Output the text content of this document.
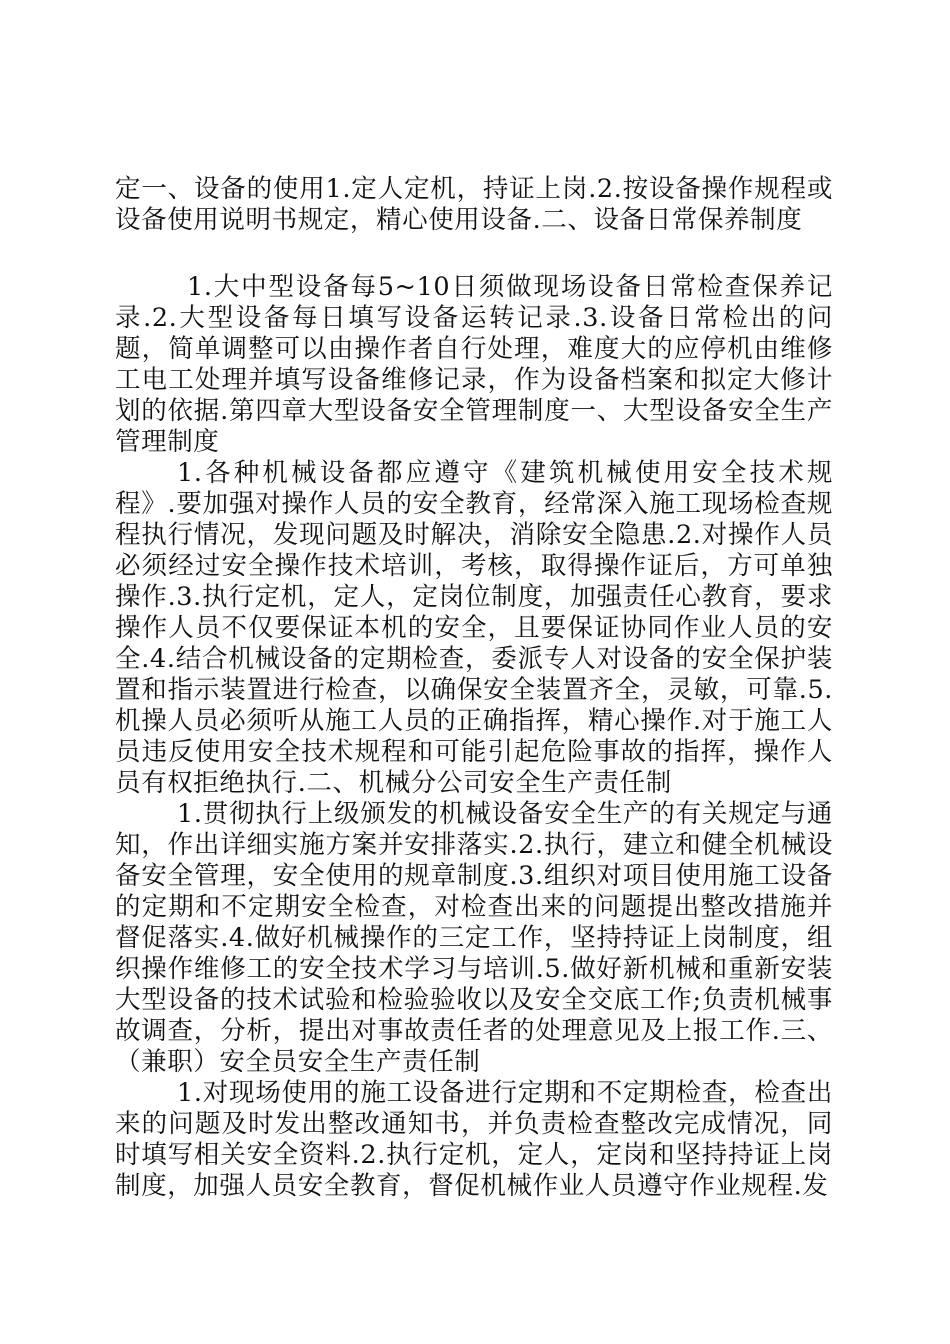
定一、设备的使用1.定人定机，持证上岗.2.按设备操作规程或设备使用说明书规定，精心使用设备.二、设备日常保养制度

1.大中型设备每5~10日须做现场设备日常检查保养记录.2.大型设备每日填写设备运转记录.3.设备日常检出的问题，简单调整可以由操作者自行处理，难度大的应停机由维修工电工处理并填写设备维修记录，作为设备档案和拟定大修计划的依据.第四章大型设备安全管理制度一、大型设备安全生产管理制度

1.各种机械设备都应遵守《建筑机械使用安全技术规程》.要加强对操作人员的安全教育，经常深入施工现场检查规程执行情况，发现问题及时解决，消除安全隐患.2.对操作人员必须经过安全操作技术培训，考核，取得操作证后，方可单独操作.3.执行定机，定人，定岗位制度，加强责任心教育，要求操作人员不仅要保证本机的安全，且要保证协同作业人员的安全.4.结合机械设备的定期检查，委派专人对设备的安全保护装置和指示装置进行检查，以确保安全装置齐全，灵敏，可靠.5.机操人员必须听从施工人员的正确指挥，精心操作.对于施工人员违反使用安全技术规程和可能引起危险事故的指挥，操作人员有权拒绝执行.二、机械分公司安全生产责任制

1.贯彻执行上级颁发的机械设备安全生产的有关规定与通知，作出详细实施方案并安排落实.2.执行，建立和健全机械设备安全管理，安全使用的规章制度.3.组织对项目使用施工设备的定期和不定期安全检查，对检查出来的问题提出整改措施并督促落实.4.做好机械操作的三定工作，坚持持证上岗制度，组织操作维修工的安全技术学习与培训.5.做好新机械和重新安装大型设备的技术试验和检验验收以及安全交底工作;负责机械事故调查，分析，提出对事故责任者的处理意见及上报工作.三、（兼职）安全员安全生产责任制

1.对现场使用的施工设备进行定期和不定期检查，检查出来的问题及时发出整改通知书，并负责检查整改完成情况，同时填写相关安全资料.2.执行定机，定人，定岗和坚持持证上岗制度，加强人员安全教育，督促机械作业人员遵守作业规程.发
